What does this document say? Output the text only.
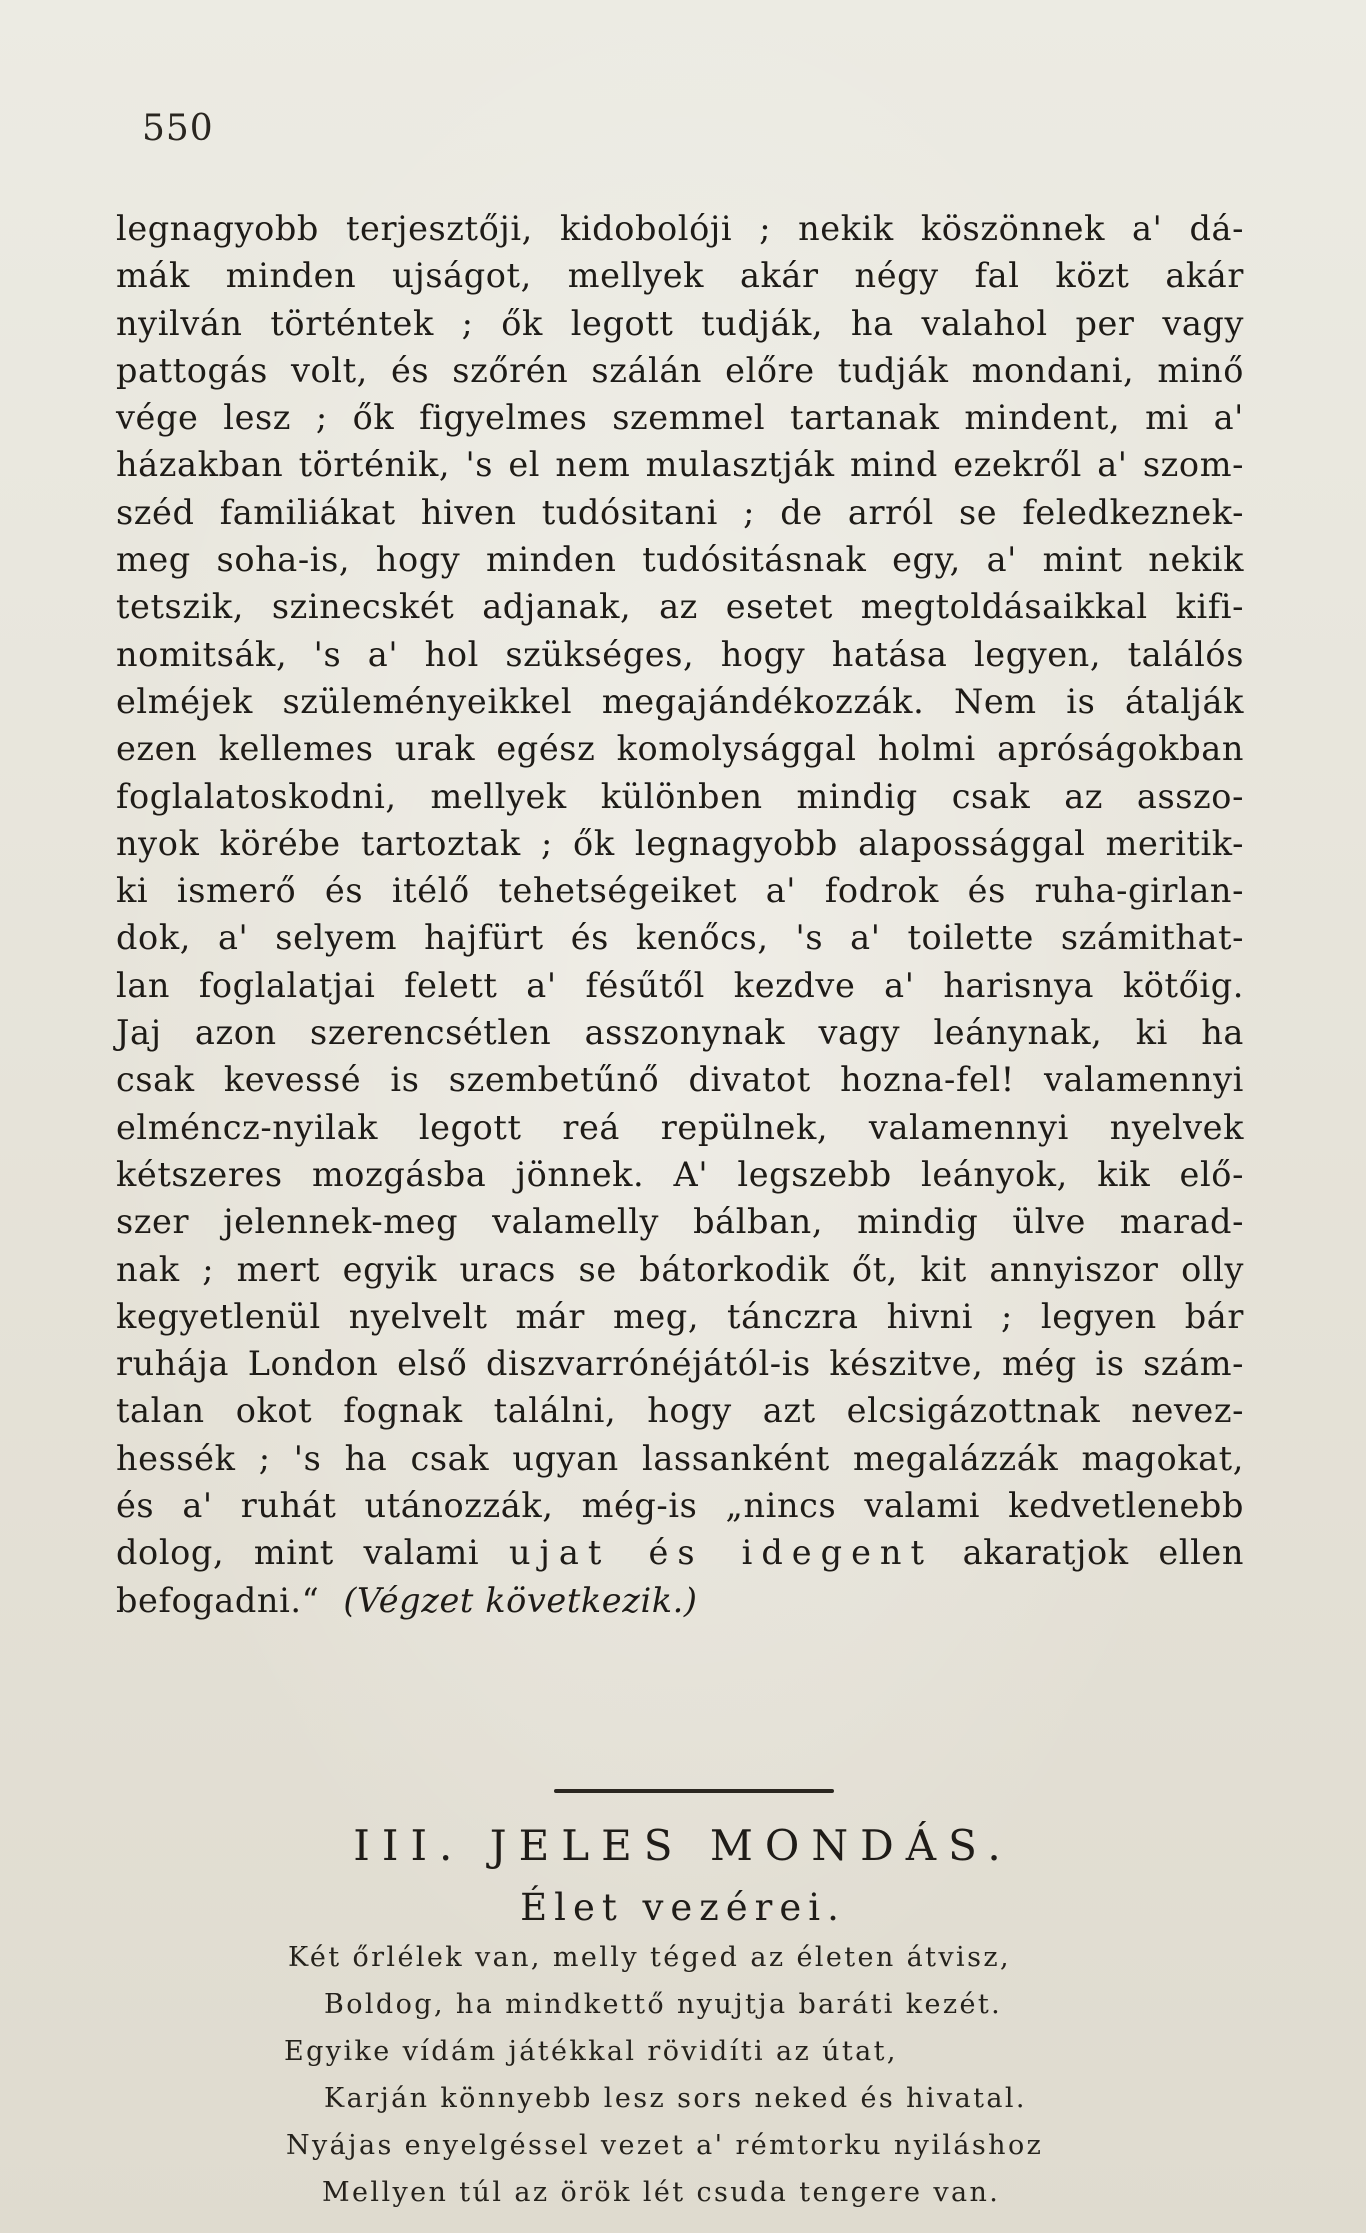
550
legnagyobb terjesztőji, kidobolóji ; nekik köszönnek a' dá-
mák minden ujságot, mellyek akár négy fal közt akár
nyilván történtek ; ők legott tudják, ha valahol per vagy
pattogás volt, és szőrén szálán előre tudják mondani, minő
vége lesz ; ők figyelmes szemmel tartanak mindent, mi a'
házakban történik, 's el nem mulasztják mind ezekről a' szom-
széd familiákat hiven tudósitani ; de arról se feledkeznek-
meg soha-is, hogy minden tudósitásnak egy, a' mint nekik
tetszik, szinecskét adjanak, az esetet megtoldásaikkal kifi-
nomitsák, 's a' hol szükséges, hogy hatása legyen, találós
elméjek szüleményeikkel megajándékozzák. Nem is átalják
ezen kellemes urak egész komolysággal holmi apróságokban
foglalatoskodni, mellyek különben mindig csak az asszo-
nyok körébe tartoztak ; ők legnagyobb alapossággal meritik-
ki ismerő és itélő tehetségeiket a' fodrok és ruha-girlan-
dok, a' selyem hajfürt és kenőcs, 's a' toilette számithat-
lan foglalatjai felett a' fésűtől kezdve a' harisnya kötőig.
Jaj azon szerencsétlen asszonynak vagy leánynak, ki ha
csak kevessé is szembetűnő divatot hozna-fel! valamennyi
elméncz-nyilak legott reá repülnek, valamennyi nyelvek
kétszeres mozgásba jönnek. A' legszebb leányok, kik elő-
szer jelennek-meg valamelly bálban, mindig ülve marad-
nak ; mert egyik uracs se bátorkodik őt, kit annyiszor olly
kegyetlenül nyelvelt már meg, tánczra hivni ; legyen bár
ruhája London első diszvarrónéjától-is készitve, még is szám-
talan okot fognak találni, hogy azt elcsigázottnak nevez-
hessék ; 's ha csak ugyan lassanként megalázzák magokat,
és a' ruhát utánozzák, még-is „nincs valami kedvetlenebb
dolog, mint valami ujat és idegent akaratjok ellen
befogadni.“ (Végzet következik.)
III. JELES MONDÁS.
Élet vezérei.
Két őrlélek van, melly téged az életen átvisz,
Boldog, ha mindkettő nyujtja baráti kezét.
Egyike vídám játékkal rövidíti az útat,
Karján könnyebb lesz sors neked és hivatal.
Nyájas enyelgéssel vezet a' rémtorku nyiláshoz
Mellyen túl az örök lét csuda tengere van.
